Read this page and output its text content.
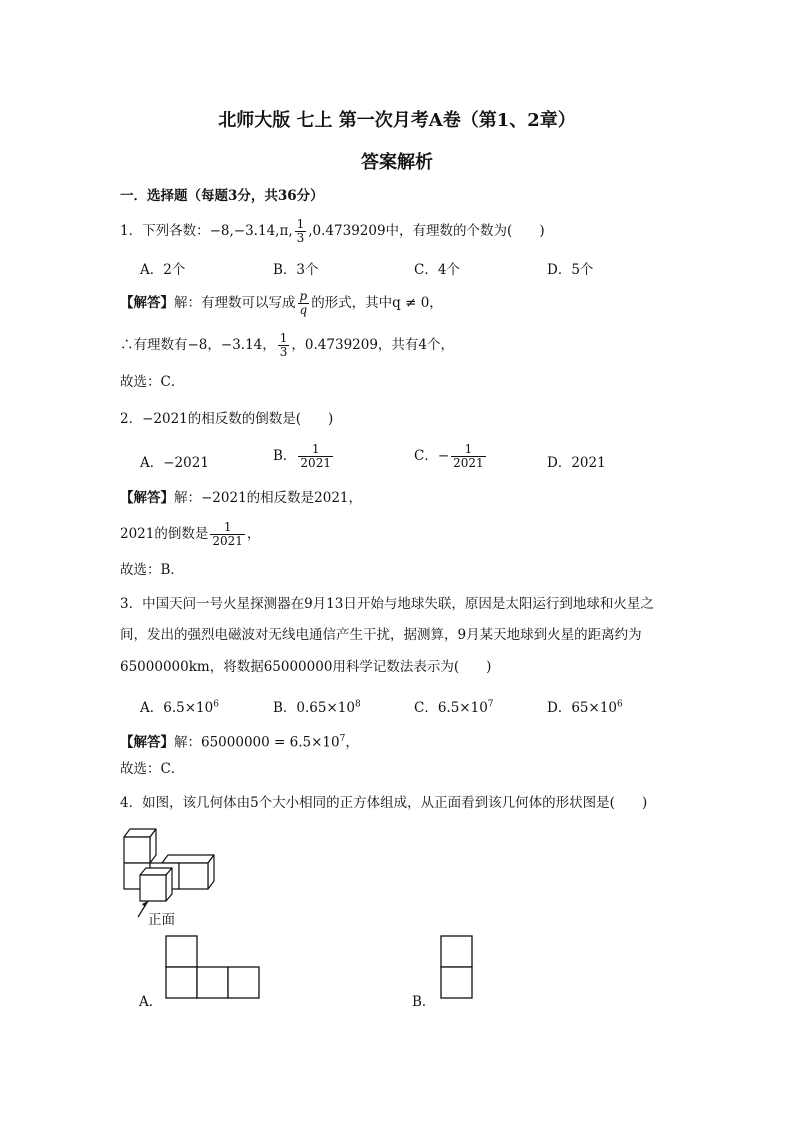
北师大版 七上 第一次月考A卷（第1、2章）
答案解析
一．选择题（每题3分，共36分）
1．下列各数：−8,−3.14,π, $\frac{1}{3} ,0.4739209$中，有理数的个数为(　　)
A．2个	B．3个	C．4个	D．5个
【解答】解：有理数可以写成 $\frac{p}{q}$ 的形式，其中q ≠ 0，
∴有理数有−8，−3.14， $\frac{1}{3}$ ，0.4739209，共有4个，
故选：C．
2．−2021的相反数的倒数是(　　)
A．−2021	B． $\frac{1}{2021}$	C．− $\frac{1}{2021}$	D．2021
【解答】解：−2021的相反数是2021，
2021的倒数是 $\frac{1}{2021}$ ，
故选：B．
3．中国天问一号火星探测器在9月13日开始与地球失联，原因是太阳运行到地球和火星之
间，发出的强烈电磁波对无线电通信产生干扰，据测算，9月某天地球到火星的距离约为
65000000km，将数据65000000用科学记数法表示为(　　)
A．$6.5\times 10^6$	B．$0.65\times 10^8$	C．$6.5\times 10^7$	D．$65\times 10^6$
【解答】解：$65000000 = 6.5\times 10^7$，
故选：C．
4．如图，该几何体由5个大小相同的正方体组成，从正面看到该几何体的形状图是(　　)
正面
A．	B．
